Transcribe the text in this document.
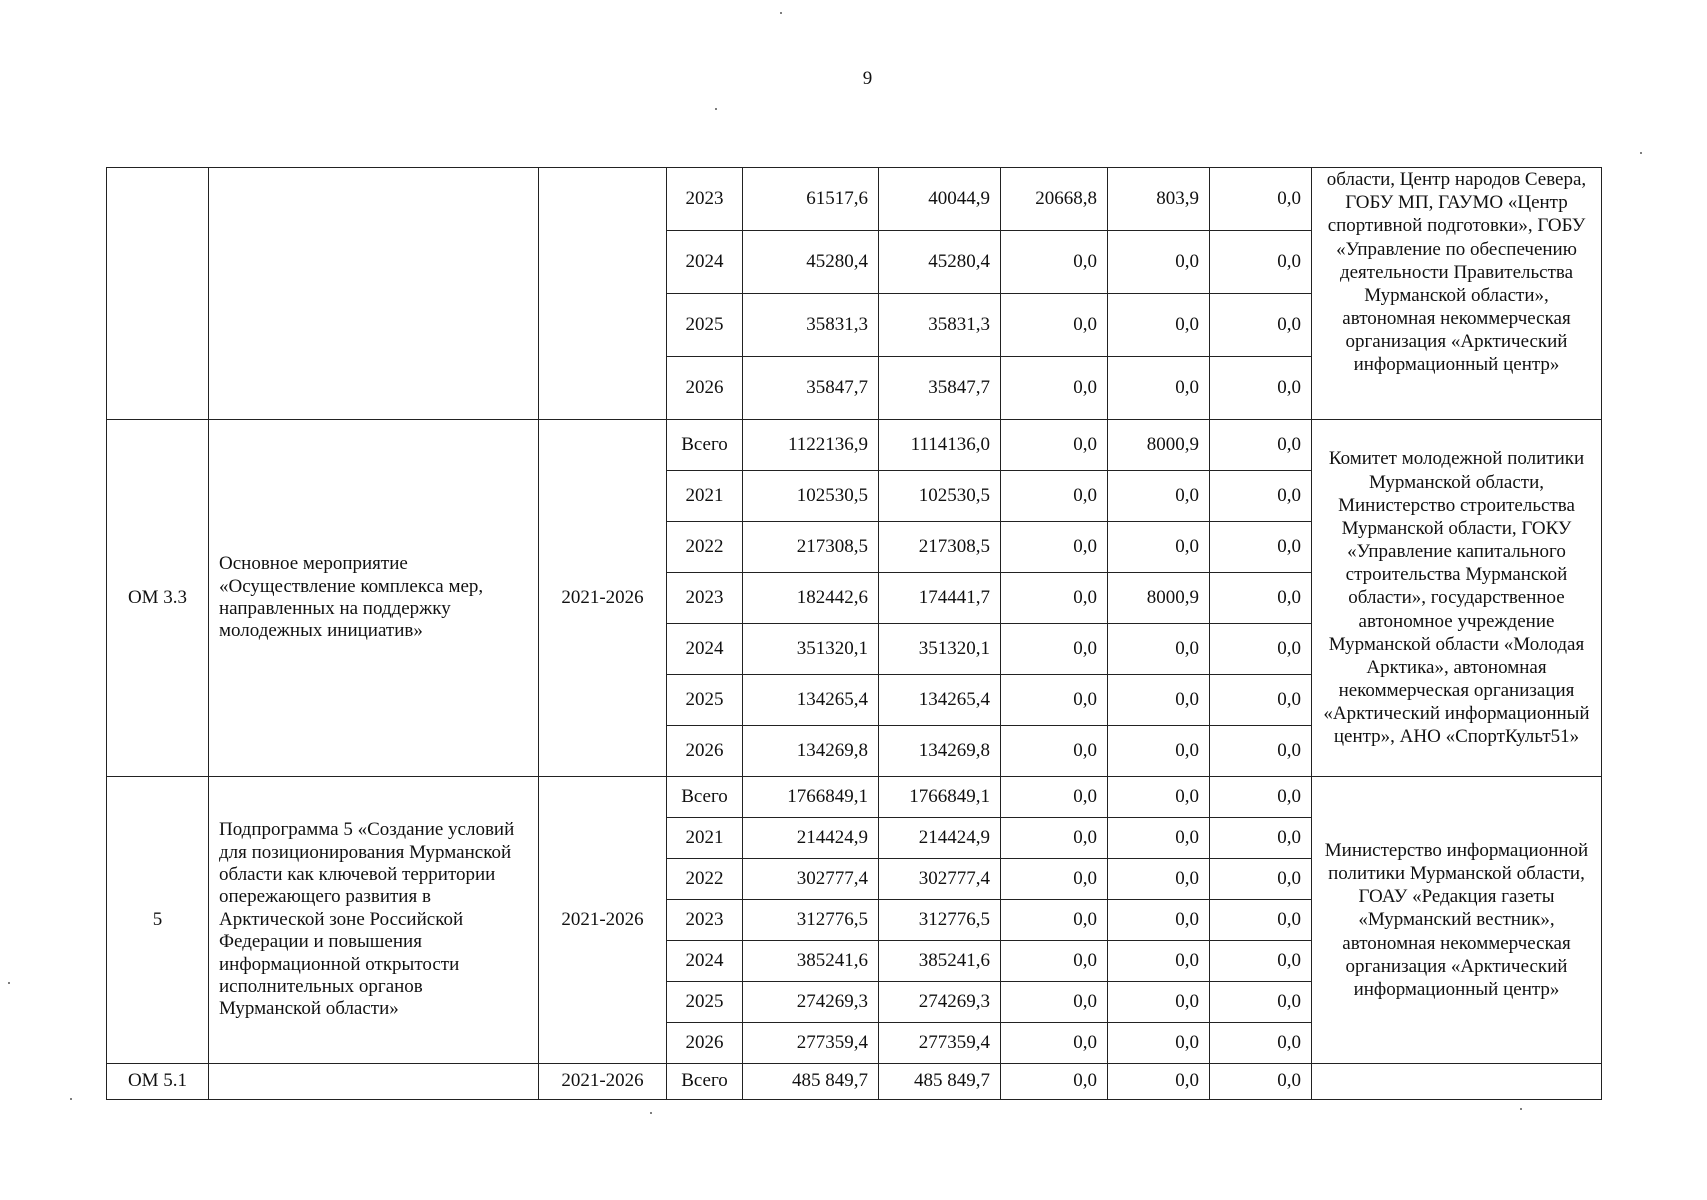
9
			2023	61517,6	40044,9	20668,8	803,9	0,0	области, Центр народов Севера, ГОБУ МП, ГАУМО «Центр спортивной подготовки», ГОБУ «Управление по обеспечению деятельности Правительства Мурманской области», автономная некоммерческая организация «Арктический информационный центр»
			2024	45280,4	45280,4	0,0	0,0	0,0	
			2025	35831,3	35831,3	0,0	0,0	0,0	
			2026	35847,7	35847,7	0,0	0,0	0,0	
ОМ 3.3	Основное мероприятие «Осуществление комплекса мер, направленных на поддержку молодежных инициатив»	2021-2026	Всего	1122136,9	1114136,0	0,0	8000,9	0,0	Комитет молодежной политики Мурманской области, Министерство строительства Мурманской области, ГОКУ «Управление капитального строительства Мурманской области», государственное автономное учреждение Мурманской области «Молодая Арктика», автономная некоммерческая организация «Арктический информационный центр», АНО «СпортКульт51»
			2021	102530,5	102530,5	0,0	0,0	0,0	
			2022	217308,5	217308,5	0,0	0,0	0,0	
			2023	182442,6	174441,7	0,0	8000,9	0,0	
			2024	351320,1	351320,1	0,0	0,0	0,0	
			2025	134265,4	134265,4	0,0	0,0	0,0	
			2026	134269,8	134269,8	0,0	0,0	0,0	
5	Подпрограмма 5 «Создание условий для позиционирования Мурманской области как ключевой территории опережающего развития в Арктической зоне Российской Федерации и повышения информационной открытости исполнительных органов Мурманской области»	2021-2026	Всего	1766849,1	1766849,1	0,0	0,0	0,0	Министерство информационной политики Мурманской области, ГОАУ «Редакция газеты «Мурманский вестник», автономная некоммерческая организация «Арктический информационный центр»
			2021	214424,9	214424,9	0,0	0,0	0,0	
			2022	302777,4	302777,4	0,0	0,0	0,0	
			2023	312776,5	312776,5	0,0	0,0	0,0	
			2024	385241,6	385241,6	0,0	0,0	0,0	
			2025	274269,3	274269,3	0,0	0,0	0,0	
			2026	277359,4	277359,4	0,0	0,0	0,0	
ОМ 5.1		2021-2026	Всего	485 849,7	485 849,7	0,0	0,0	0,0	
